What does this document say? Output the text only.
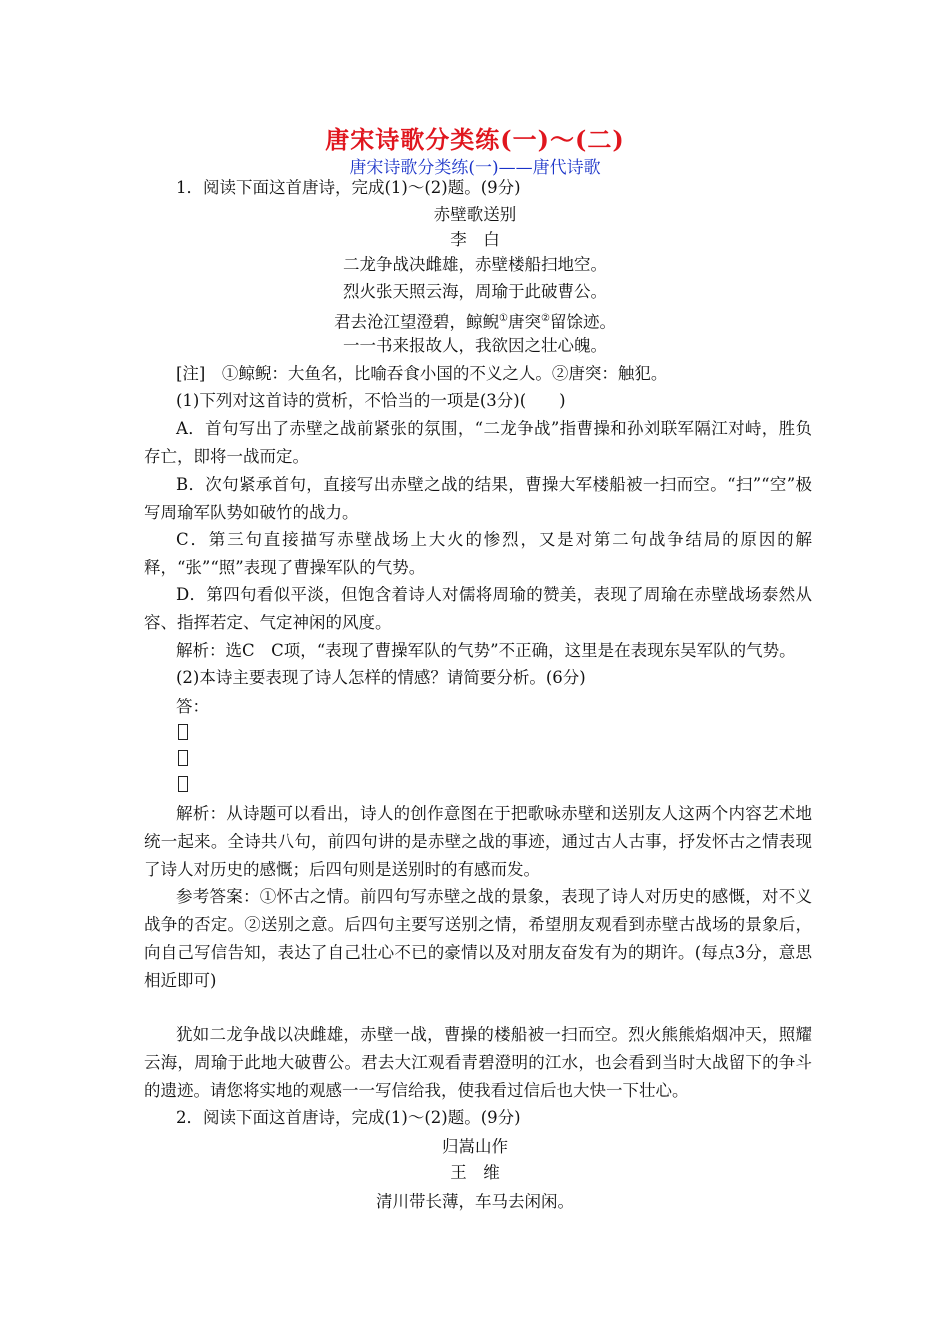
唐宋诗歌分类练(一)～(二)
唐宋诗歌分类练(一)——唐代诗歌
1．阅读下面这首唐诗，完成(1)～(2)题。(9分)
赤壁歌送别
李　白
二龙争战决雌雄，赤壁楼船扫地空。
烈火张天照云海，周瑜于此破曹公。
君去沧江望澄碧，鲸鲵①唐突②留馀迹。
一一书来报故人，我欲因之壮心魄。
[注]　①鲸鲵：大鱼名，比喻吞食小国的不义之人。②唐突：触犯。
(1)下列对这首诗的赏析，不恰当的一项是(3分)(　　)
A．首句写出了赤壁之战前紧张的氛围，“二龙争战”指曹操和孙刘联军隔江对峙，胜负存亡，即将一战而定。
B．次句紧承首句，直接写出赤壁之战的结果，曹操大军楼船被一扫而空。“扫”“空”极写周瑜军队势如破竹的战力。
C．第三句直接描写赤壁战场上大火的惨烈，又是对第二句战争结局的原因的解释，“张”“照”表现了曹操军队的气势。
D．第四句看似平淡，但饱含着诗人对儒将周瑜的赞美，表现了周瑜在赤壁战场泰然从容、指挥若定、气定神闲的风度。
解析：选C　C项，“表现了曹操军队的气势”不正确，这里是在表现东吴军队的气势。
(2)本诗主要表现了诗人怎样的情感？请简要分析。(6分)
答：
解析：从诗题可以看出，诗人的创作意图在于把歌咏赤壁和送别友人这两个内容艺术地统一起来。全诗共八句，前四句讲的是赤壁之战的事迹，通过古人古事，抒发怀古之情表现了诗人对历史的感慨；后四句则是送别时的有感而发。
参考答案：①怀古之情。前四句写赤壁之战的景象，表现了诗人对历史的感慨，对不义战争的否定。②送别之意。后四句主要写送别之情，希望朋友观看到赤壁古战场的景象后，向自己写信告知，表达了自己壮心不已的豪情以及对朋友奋发有为的期许。(每点3分，意思相近即可)
犹如二龙争战以决雌雄，赤壁一战，曹操的楼船被一扫而空。烈火熊熊焰烟冲天，照耀云海，周瑜于此地大破曹公。君去大江观看青碧澄明的江水，也会看到当时大战留下的争斗的遗迹。请您将实地的观感一一写信给我，使我看过信后也大快一下壮心。
2．阅读下面这首唐诗，完成(1)～(2)题。(9分)
归嵩山作
王　维
清川带长薄，车马去闲闲。
